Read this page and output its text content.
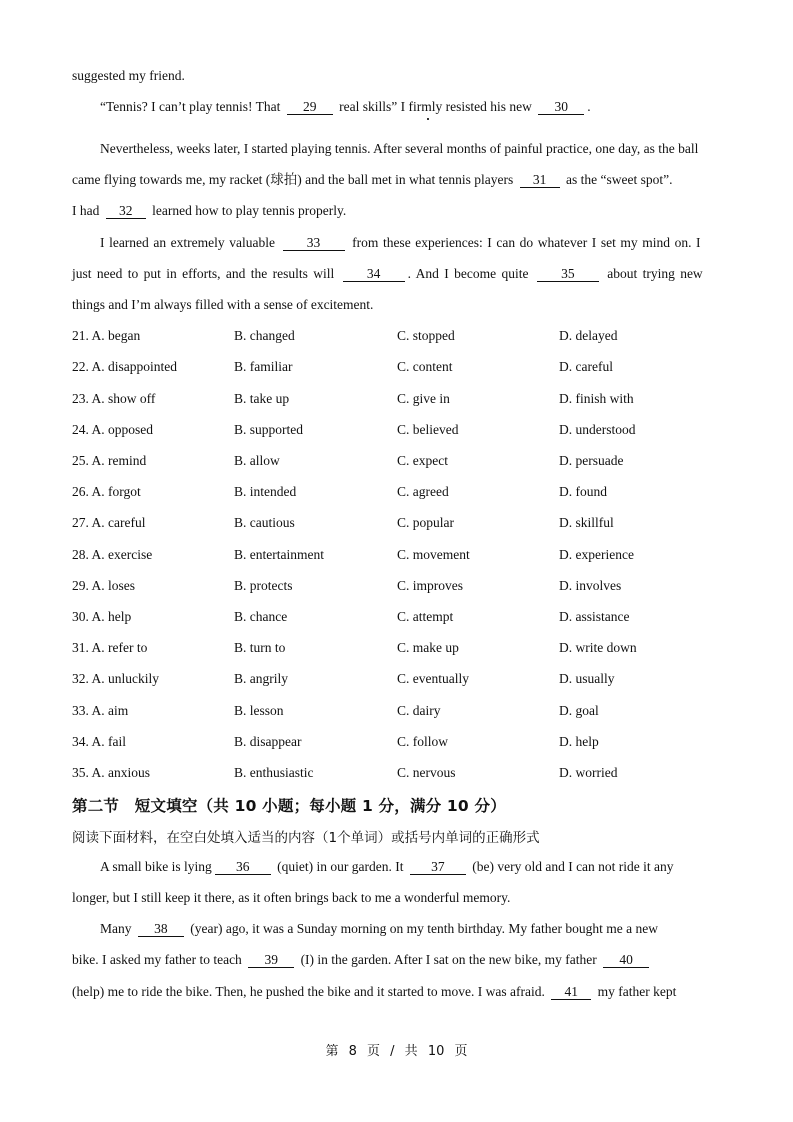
suggested my friend.
“Tennis? I can’t play tennis! That 29 real skills” I firmly resisted his new 30 .
Nevertheless, weeks later, I started playing tennis. After several months of painful practice, one day, as the ball
came flying towards me, my racket (球拍) and the ball met in what tennis players 31 as the “sweet spot”.
I had 32 learned how to play tennis properly.
I learned an extremely valuable 33 from these experiences: I can do whatever I set my mind on. I
just need to put in efforts, and the results will 34 . And I become quite 35 about trying new
things and I’m always filled with a sense of excitement.
21. A. began	B. changed	C. stopped	D. delayed
22. A. disappointed	B. familiar	C. content	D. careful
23. A. show off	B. take up	C. give in	D. finish with
24. A. opposed	B. supported	C. believed	D. understood
25. A. remind	B. allow	C. expect	D. persuade
26. A. forgot	B. intended	C. agreed	D. found
27. A. careful	B. cautious	C. popular	D. skillful
28. A. exercise	B. entertainment	C. movement	D. experience
29. A. loses	B. protects	C. improves	D. involves
30. A. help	B. chance	C. attempt	D. assistance
31. A. refer to	B. turn to	C. make up	D. write down
32. A. unluckily	B. angrily	C. eventually	D. usually
33. A. aim	B. lesson	C. dairy	D. goal
34. A. fail	B. disappear	C. follow	D. help
35. A. anxious	B. enthusiastic	C. nervous	D. worried
第二节　短文填空（共 10 小题；每小题 1 分，满分 10 分）
阅读下面材料，在空白处填入适当的内容（1个单词）或括号内单词的正确形式
A small bike is lying 36 (quiet) in our garden. It 37 (be) very old and I can not ride it any
longer, but I still keep it there, as it often brings back to me a wonderful memory.
Many 38 (year) ago, it was a Sunday morning on my tenth birthday. My father bought me a new
bike. I asked my father to teach 39 (I) in the garden. After I sat on the new bike, my father 40
(help) me to ride the bike. Then, he pushed the bike and it started to move. I was afraid. 41 my father kept
第 8 页 / 共 10 页
